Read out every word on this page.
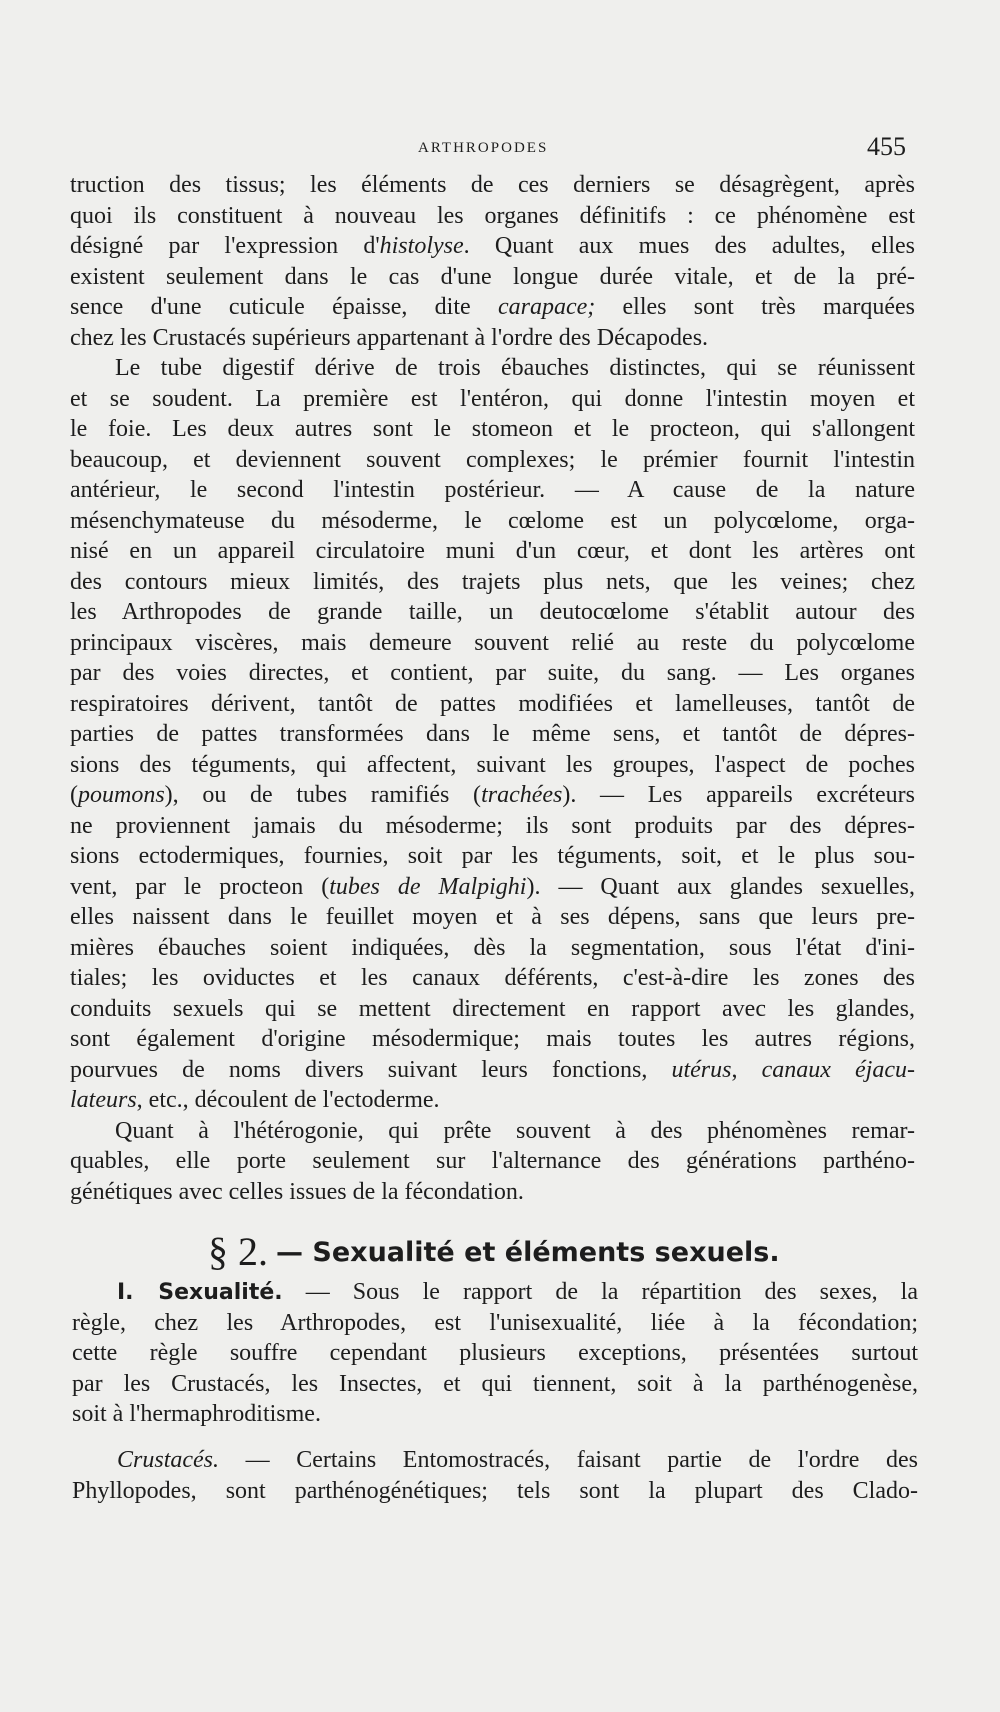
ARTHROPODES	455
truction des tissus; les éléments de ces derniers se désagrègent, après
quoi ils constituent à nouveau les organes définitifs : ce phénomène est
désigné par l'expression d'histolyse. Quant aux mues des adultes, elles
existent seulement dans le cas d'une longue durée vitale, et de la pré-
sence d'une cuticule épaisse, dite carapace; elles sont très marquées
chez les Crustacés supérieurs appartenant à l'ordre des Décapodes.
Le tube digestif dérive de trois ébauches distinctes, qui se réunissent
et se soudent. La première est l'entéron, qui donne l'intestin moyen et
le foie. Les deux autres sont le stomeon et le procteon, qui s'allongent
beaucoup, et deviennent souvent complexes; le prémier fournit l'intestin
antérieur, le second l'intestin postérieur. — A cause de la nature
mésenchymateuse du mésoderme, le cœlome est un polycœlome, orga-
nisé en un appareil circulatoire muni d'un cœur, et dont les artères ont
des contours mieux limités, des trajets plus nets, que les veines; chez
les Arthropodes de grande taille, un deutocœlome s'établit autour des
principaux viscères, mais demeure souvent relié au reste du polycœlome
par des voies directes, et contient, par suite, du sang. — Les organes
respiratoires dérivent, tantôt de pattes modifiées et lamelleuses, tantôt de
parties de pattes transformées dans le même sens, et tantôt de dépres-
sions des téguments, qui affectent, suivant les groupes, l'aspect de poches
(poumons), ou de tubes ramifiés (trachées). — Les appareils excréteurs
ne proviennent jamais du mésoderme; ils sont produits par des dépres-
sions ectodermiques, fournies, soit par les téguments, soit, et le plus sou-
vent, par le procteon (tubes de Malpighi). — Quant aux glandes sexuelles,
elles naissent dans le feuillet moyen et à ses dépens, sans que leurs pre-
mières ébauches soient indiquées, dès la segmentation, sous l'état d'ini-
tiales; les oviductes et les canaux déférents, c'est-à-dire les zones des
conduits sexuels qui se mettent directement en rapport avec les glandes,
sont également d'origine mésodermique; mais toutes les autres régions,
pourvues de noms divers suivant leurs fonctions, utérus, canaux éjacu-
lateurs, etc., découlent de l'ectoderme.
Quant à l'hétérogonie, qui prête souvent à des phénomènes remar-
quables, elle porte seulement sur l'alternance des générations parthéno-
génétiques avec celles issues de la fécondation.
§ 2. — Sexualité et éléments sexuels.
I. Sexualité. — Sous le rapport de la répartition des sexes, la
règle, chez les Arthropodes, est l'unisexualité, liée à la fécondation;
cette règle souffre cependant plusieurs exceptions, présentées surtout
par les Crustacés, les Insectes, et qui tiennent, soit à la parthénogenèse,
soit à l'hermaphroditisme.
Crustacés. — Certains Entomostracés, faisant partie de l'ordre des
Phyllopodes, sont parthénogénétiques; tels sont la plupart des Clado-
